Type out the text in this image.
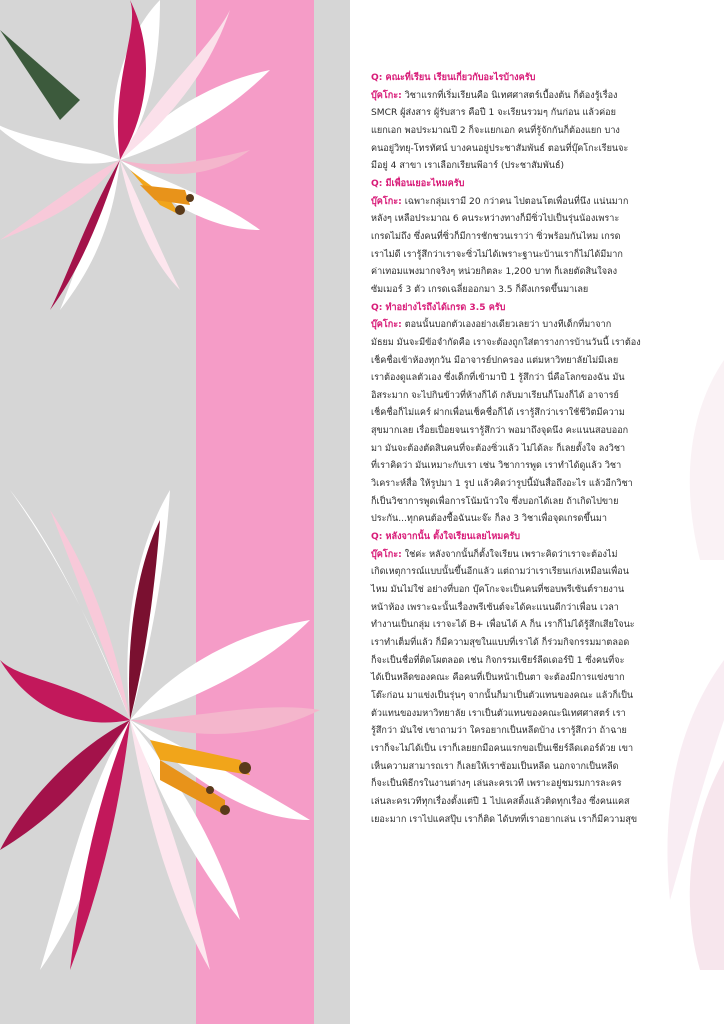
Q: คณะที่เรียน เรียนเกี่ยวกับอะไรบ้างครับ
บุ๊คโกะ: วิชาแรกที่เริ่มเรียนคือ นิเทศศาสตร์เบื้องต้น ก็ต้องรู้เรื่อง
SMCR ผู้ส่งสาร ผู้รับสาร คือปี 1 จะเรียนรวมๆ กันก่อน แล้วค่อย
แยกเอก พอประมาณปี 2 ก็จะแยกเอก คนที่รู้จักกันก็ต้องแยก บาง
คนอยู่วิทยุ-โทรทัศน์ บางคนอยู่ประชาสัมพันธ์ ตอนที่บุ๊คโกะเรียนจะ
มีอยู่ 4 สาขา เราเลือกเรียนพีอาร์ (ประชาสัมพันธ์)
Q: มีเพื่อนเยอะไหมครับ
บุ๊คโกะ: เฉพาะกลุ่มเรามี 20 กว่าคน ไปตอนโตเพื่อนที่นึง แน่นมาก
หลังๆ เหลือประมาณ 6 คนระหว่างทางก็มีซิ่วไปเป็นรุ่นน้องเพราะ
เกรดไม่ถึง ซึ่งคนที่ซิ่วก็มีการชักชวนเราว่า ซิ่วพร้อมกันไหม เกรด
เราไม่ดี เรารู้สึกว่าเราจะซิ่วไม่ได้เพราะฐานะบ้านเราก็ไม่ได้มีมาก
ค่าเทอมแพงมากจริงๆ หน่วยกิตละ 1,200 บาท ก็เลยตัดสินใจลง
ซัมเมอร์ 3 ตัว เกรดเฉลี่ยออกมา 3.5 ก็ดึงเกรดขึ้นมาเลย
Q: ทำอย่างไรถึงได้เกรด 3.5 ครับ
บุ๊คโกะ: ตอนนั้นบอกตัวเองอย่างเดียวเลยว่า บางทีเด็กที่มาจาก
มัธยม มันจะมีข้อจำกัดคือ เราจะต้องถูกใส่ตารางการบ้านวันนี้ เราต้อง
เช็คชื่อเข้าห้องทุกวัน มีอาจารย์ปกครอง แต่มหาวิทยาลัยไม่มีเลย
เราต้องดูแลตัวเอง ซึ่งเด็กที่เข้ามาปี 1 รู้สึกว่า นี่คือโลกของฉัน มัน
อิสระมาก จะไปกินข้าวที่ห้างก็ได้ กลับมาเรียนก็โมงก็ได้ อาจารย์
เช็คชื่อก็ไม่แคร์ ฝากเพื่อนเช็คชื่อก็ได้ เรารู้สึกว่าเราใช้ชีวิตมีความ
สุขมากเลย เรื่อยเปื่อยจนเรารู้สึกว่า พอมาถึงจุดนึง คะแนนสอบออก
มา มันจะต้องตัดสินคนที่จะต้องซิ่วแล้ว ไม่ได้ละ ก็เลยตั้งใจ ลงวิชา
ที่เราคิดว่า มันเหมาะกับเรา เช่น วิชาการพูด เราทำได้ดูแล้ว วิชา
วิเคราะห์สื่อ ให้รูปมา 1 รูป แล้วคิดว่ารูปนี้มันสื่อถึงอะไร แล้วอีกวิชา
ก็เป็นวิชาการพูดเพื่อการโน้มน้าวใจ ซึ่งบอกได้เลย ถ้าเกิดไปขาย
ประกัน...ทุกคนต้องซื้อฉันนะจ๊ะ ก็ลง 3 วิชาเพื่อจุดเกรดขึ้นมา
Q: หลังจากนั้น ตั้งใจเรียนเลยไหมครับ
บุ๊คโกะ: ใช่ค่ะ หลังจากนั้นก็ตั้งใจเรียน เพราะคิดว่าเราจะต้องไม่
เกิดเหตุการณ์แบบนั้นขึ้นอีกแล้ว แต่ถามว่าเราเรียนเก่งเหมือนเพื่อน
ไหม มันไม่ใช่ อย่างที่บอก บุ๊คโกะจะเป็นคนที่ชอบพรีเซ้นต์รายงาน
หน้าห้อง เพราะฉะนั้นเรื่องพรีเซ้นต์จะได้คะแนนดีกว่าเพื่อน เวลา
ทำงานเป็นกลุ่ม เราจะได้ B+ เพื่อนได้ A ก็น เราก็ไม่ได้รู้สึกเสียใจนะ
เราทำเต็มที่แล้ว ก็มีความสุขในแบบที่เราได้ ก็ร่วมกิจกรรมมาตลอด
ก็จะเป็นชื่อที่ติดโผตลอด เช่น กิจกรรมเชียร์ลีดเดอร์ปี 1 ซึ่งคนที่จะ
ได้เป็นหลีดของคณะ คือคนที่เป็นหน้าเป็นตา จะต้องมีการแข่งขาก
โต๊ะก่อน มาแข่งเป็นรุ่นๆ จากนั้นก็มาเป็นตัวแทนของคณะ แล้วก็เป็น
ตัวแทนของมหาวิทยาลัย เราเป็นตัวแทนของคณะนิเทศศาสตร์ เรา
รู้สึกว่า มันใช่ เขาถามว่า ใครอยากเป็นหลีดบ้าง เรารู้สึกว่า ถ้าฉาย
เราก็จะไม่ได้เป็น เราก็เลยยกมือคนแรกขอเป็นเชียร์ลีดเดอร์ด้วย เขา
เห็นความสามารถเรา ก็เลยให้เราซ้อมเป็นหลีด นอกจากเป็นหลีด
ก็จะเป็นพิธีกรในงานต่างๆ เล่นละครเวที เพราะอยู่ชมรมการละคร
เล่นละครเวทีทุกเรื่องตั้งแต่ปี 1 ไปแคสติ้งแล้วติดทุกเรื่อง ซึ่งคนแคส
เยอะมาก เราไปแคสปุ๊บ เราก็ติด ได้บทที่เราอยากเล่น เราก็มีความสุข
